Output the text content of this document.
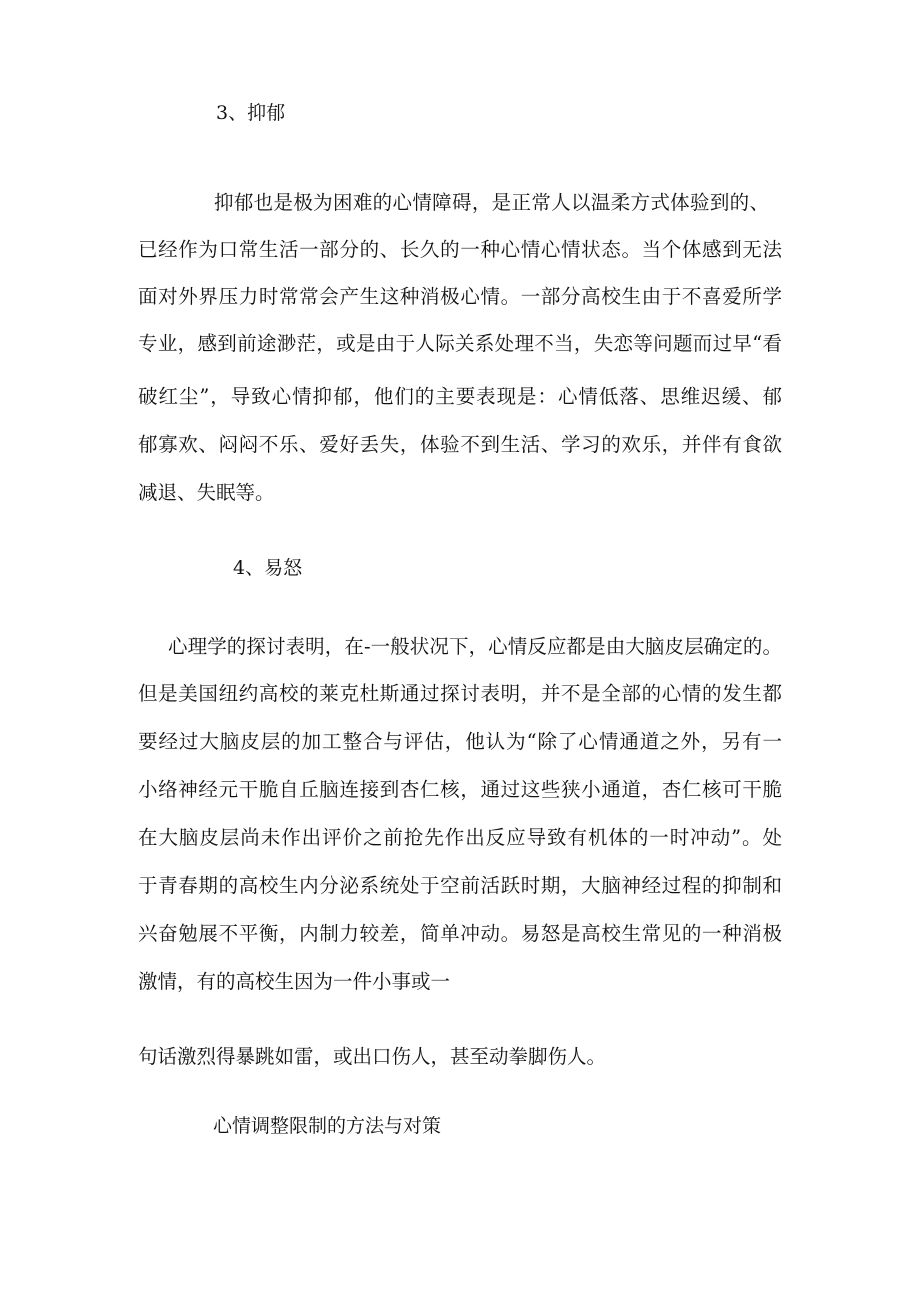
3、抑郁

抑郁也是极为困难的心情障碍，是正常人以温柔方式体验到的、

已经作为口常生活一部分的、长久的一种心情心情状态。当个体感到无法

面对外界压力时常常会产生这种消极心情。一部分高校生由于不喜爱所学

专业，感到前途渺茫，或是由于人际关系处理不当，失恋等问题而过早“看

破红尘”，导致心情抑郁，他们的主要表现是：心情低落、思维迟缓、郁

郁寡欢、闷闷不乐、爱好丢失，体验不到生活、学习的欢乐，并伴有食欲

减退、失眠等。

4、易怒

心理学的探讨表明，在-一般状况下，心情反应都是由大脑皮层确定的。

但是美国纽约高校的莱克杜斯通过探讨表明，并不是全部的心情的发生都

要经过大脑皮层的加工整合与评估，他认为“除了心情通道之外，另有一

小络神经元干脆自丘脑连接到杏仁核，通过这些狭小通道，杏仁核可干脆

在大脑皮层尚未作出评价之前抢先作出反应导致有机体的一时冲动”。处

于青春期的高校生内分泌系统处于空前活跃时期，大脑神经过程的抑制和

兴奋勉展不平衡，内制力较差，简单冲动。易怒是高校生常见的一种消极

激情，有的高校生因为一件小事或一

句话激烈得暴跳如雷，或出口伤人，甚至动拳脚伤人。

心情调整限制的方法与对策
